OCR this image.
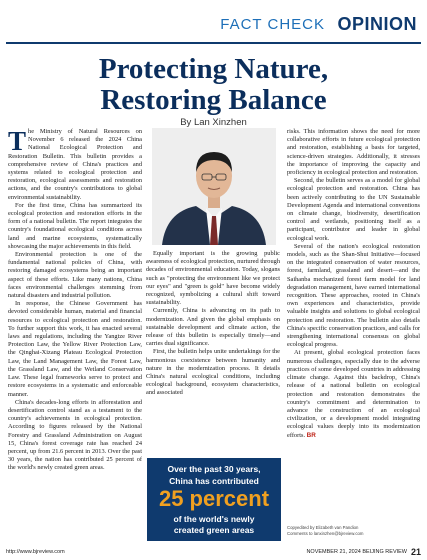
FACT CHECK OPINION
Protecting Nature,
Restoring Balance
By Lan Xinzhen

The Ministry of Natural Resources on November 6 released the 2024 China National Ecological Protection and Restoration Bulletin. This bulletin provides a comprehensive review of China's practices and systems related to ecological protection and restoration, ecological assessments and restoration actions, and the country's contributions to global environmental sustainability.

For the first time, China has summarized its ecological protection and restoration efforts in the form of a national bulletin. The report integrates the country's foundational ecological conditions across land and marine ecosystems, systematically showcasing the major achievements in this field.

Environmental protection is one of the fundamental national policies of China, with restoring damaged ecosystems being an important aspect of these efforts. Like many nations, China faces environmental challenges stemming from natural disasters and industrial pollution.

In response, the Chinese Government has devoted considerable human, material and financial resources to ecological protection and restoration. To further support this work, it has enacted several laws and regulations, including the Yangtze River Protection Law, the Yellow River Protection Law, the Qinghai-Xizang Plateau Ecological Protection Law, the Land Management Law, the Forest Law, the Grassland Law, and the Wetland Conservation Law. These legal frameworks serve to protect and restore ecosystems in a systematic and enforceable manner.

China's decades-long efforts in afforestation and desertification control stand as a testament to the country's achievements in ecological protection. According to figures released by the National Forestry and Grassland Administration on August 15, China's forest coverage rate has reached 24 percent, up from 21.6 percent in 2013. Over the past 30 years, the nation has contributed 25 percent of the world's newly created green areas.

Equally important is the growing public awareness of ecological protection, nurtured through decades of environmental education. Today, slogans such as "protecting the environment like we protect our eyes" and "green is gold" have become widely recognized, symbolizing a cultural shift toward sustainability.

Currently, China is advancing on its path to modernization. And given the global emphasis on sustainable development and climate action, the release of this bulletin is especially timely—and carries dual significance.

First, the bulletin helps unite undertakings for the harmonious coexistence between humanity and nature in the modernization process. It details China's natural ecological conditions, including ecological background, ecosystem characteristics, and associated

Over the past 30 years,
China has contributed
25 percent
of the world's newly
created green areas

risks. This information shows the need for more collaborative efforts in future ecological protection and restoration, establishing a basis for targeted, science-driven strategies. Additionally, it stresses the importance of improving the capacity and proficiency in ecological protection and restoration.

Second, the bulletin serves as a model for global ecological protection and restoration. China has been actively contributing to the UN Sustainable Development Agenda and international conventions on climate change, biodiversity, desertification control and wetlands, positioning itself as a participant, contributor and leader in global ecological work.

Several of the nation's ecological restoration models, such as the Shan-Shui Initiative—focused on the integrated conservation of water resources, forest, farmland, grassland and desert—and the Saihanba mechanized forest farm model for land degradation management, have earned international recognition. These approaches, rooted in China's own experiences and characteristics, provide valuable insights and solutions to global ecological protection and restoration. The bulletin also details China's specific conservation practices, and calls for strengthening international consensus on global ecological progress.

At present, global ecological protection faces numerous challenges, especially due to the adverse practices of some developed countries in addressing climate change. Against this backdrop, China's release of a national bulletin on ecological protection and restoration demonstrates the country's commitment and determination to advance the construction of an ecological civilization, or a development model integrating ecological values deeply into its modernization efforts. BR

Copyedited by Elizabeth van Pandion
Comments to lanxinzhen@bjreview.com
http://www.bjreview.com	NOVEMBER 21, 2024 BEIJING REVIEW 21
